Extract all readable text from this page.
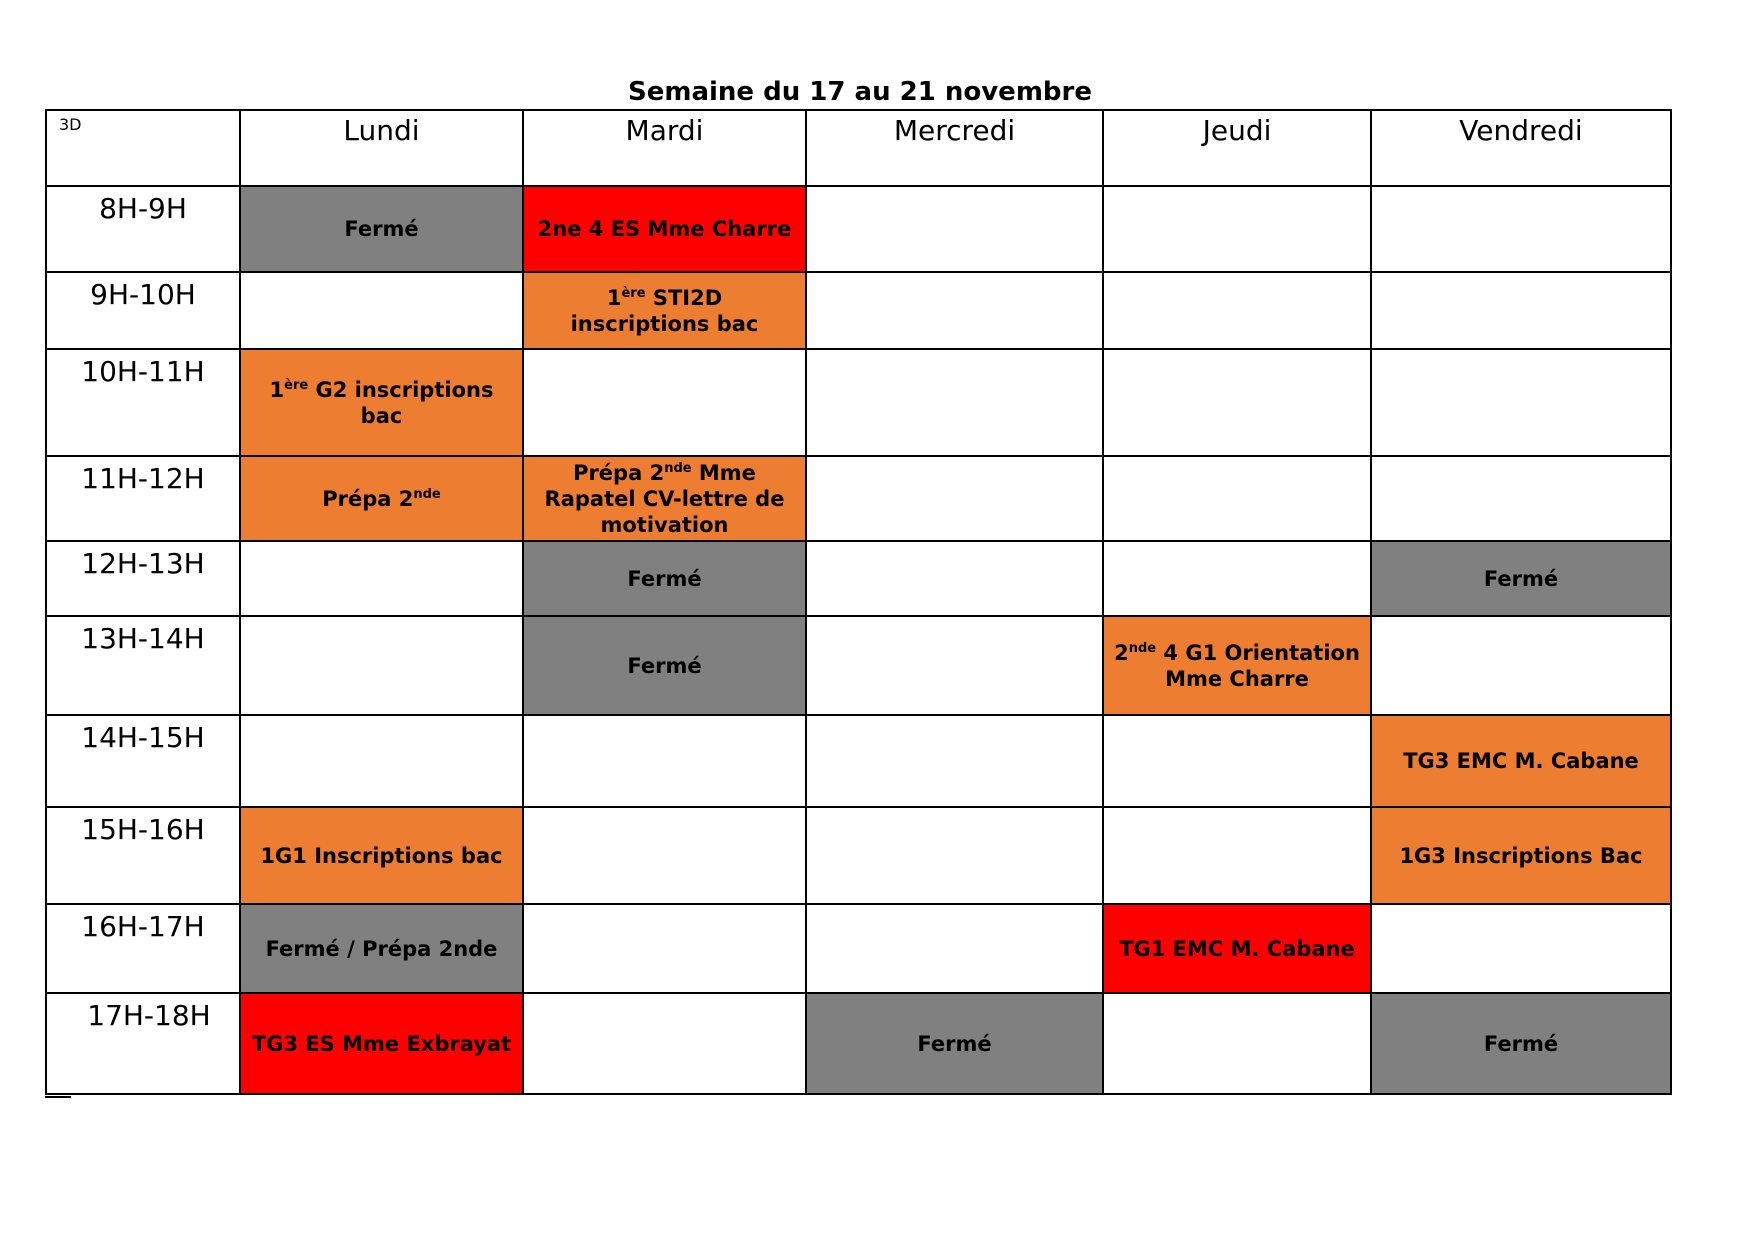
Semaine du 17 au 21 novembre
3D	Lundi	Mardi	Mercredi	Jeudi	Vendredi

8H-9H	Fermé	2ne 4 ES Mme Charre			

9H-10H		1ère STI2D inscriptions bac			

10H-11H	1ère G2 inscriptions bac				

11H-12H	Prépa 2nde	Prépa 2nde Mme Rapatel CV-lettre de motivation			

12H-13H		Fermé			Fermé

13H-14H		Fermé		2nde 4 G1 Orientation Mme Charre	

14H-15H					TG3 EMC M. Cabane

15H-16H	1G1 Inscriptions bac				1G3 Inscriptions Bac

16H-17H	Fermé / Prépa 2nde			TG1 EMC M. Cabane	

17H-18H	TG3 ES Mme Exbrayat		Fermé		Fermé
